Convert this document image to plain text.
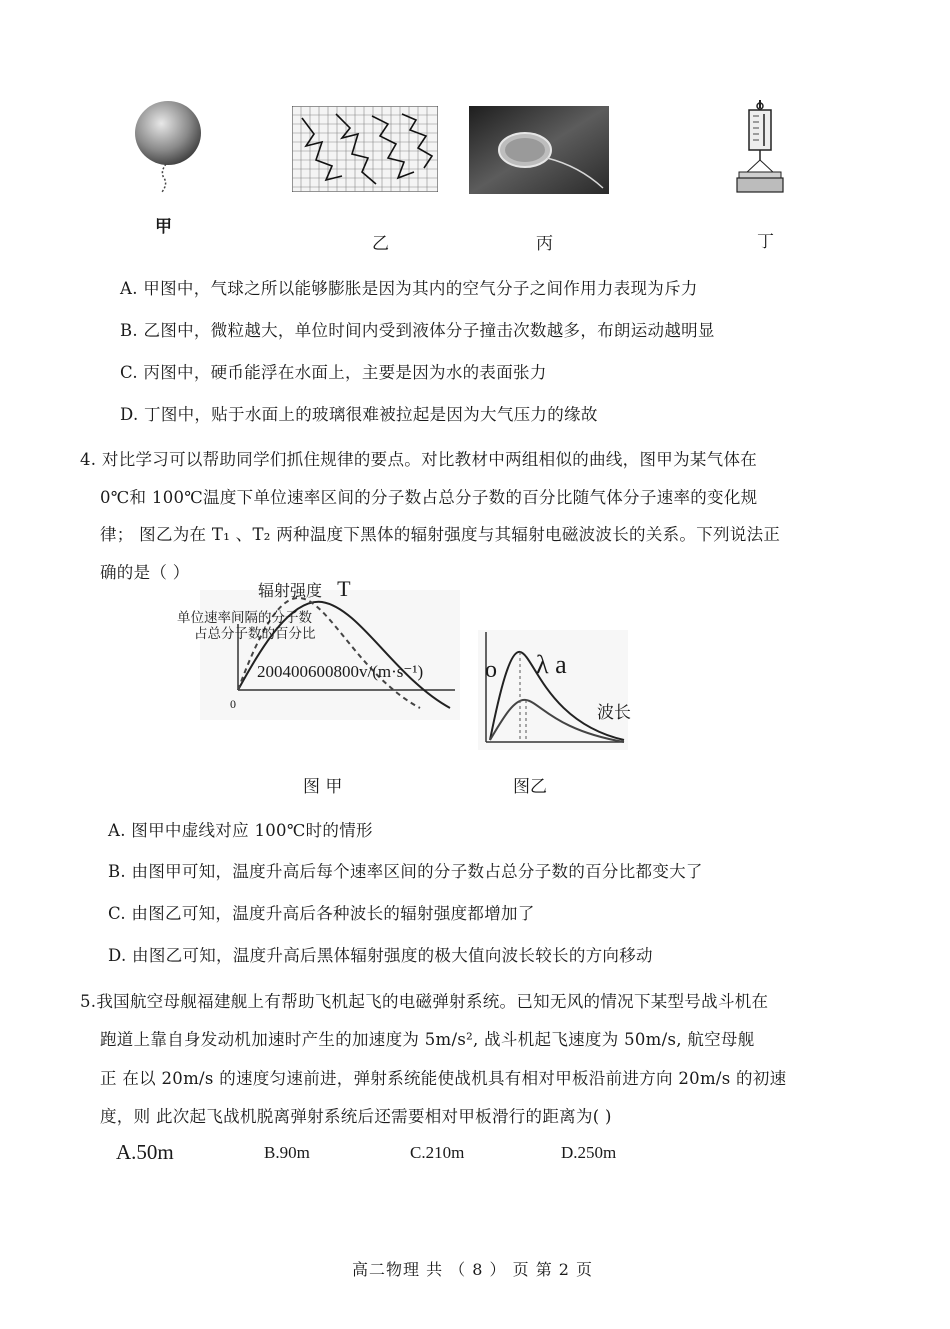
甲
乙	丙	丁
A. 甲图中，气球之所以能够膨胀是因为其内的空气分子之间作用力表现为斥力
B. 乙图中，微粒越大，单位时间内受到液体分子撞击次数越多，布朗运动越明显
C. 丙图中，硬币能浮在水面上，主要是因为水的表面张力
D. 丁图中，贴于水面上的玻璃很难被拉起是因为大气压力的缘故
4. 对比学习可以帮助同学们抓住规律的要点。对比教材中两组相似的曲线，图甲为某气体在
0℃和 100℃温度下单位速率区间的分子数占总分子数的百分比随气体分子速率的变化规
律； 图乙为在 T₁ 、T₂ 两种温度下黑体的辐射强度与其辐射电磁波波长的关系。下列说法正
确的是（ ）
辐射强度 T
单位速率间隔的分子数
占总分子数的百分比
200400600800v/(m·s⁻¹)
0
o λ a
波长
图 甲	图乙
A. 图甲中虚线对应 100℃时的情形
B. 由图甲可知，温度升高后每个速率区间的分子数占总分子数的百分比都变大了
C. 由图乙可知，温度升高后各种波长的辐射强度都增加了
D. 由图乙可知，温度升高后黑体辐射强度的极大值向波长较长的方向移动
5.我国航空母舰福建舰上有帮助飞机起飞的电磁弹射系统。已知无风的情况下某型号战斗机在
跑道上靠自身发动机加速时产生的加速度为 5m/s², 战斗机起飞速度为 50m/s, 航空母舰
正 在以 20m/s 的速度匀速前进，弹射系统能使战机具有相对甲板沿前进方向 20m/s 的初速
度，则 此次起飞战机脱离弹射系统后还需要相对甲板滑行的距离为( )
A.50m	B.90m	C.210m	D.250m
高二物理 共 （ 8 ） 页 第 2 页
